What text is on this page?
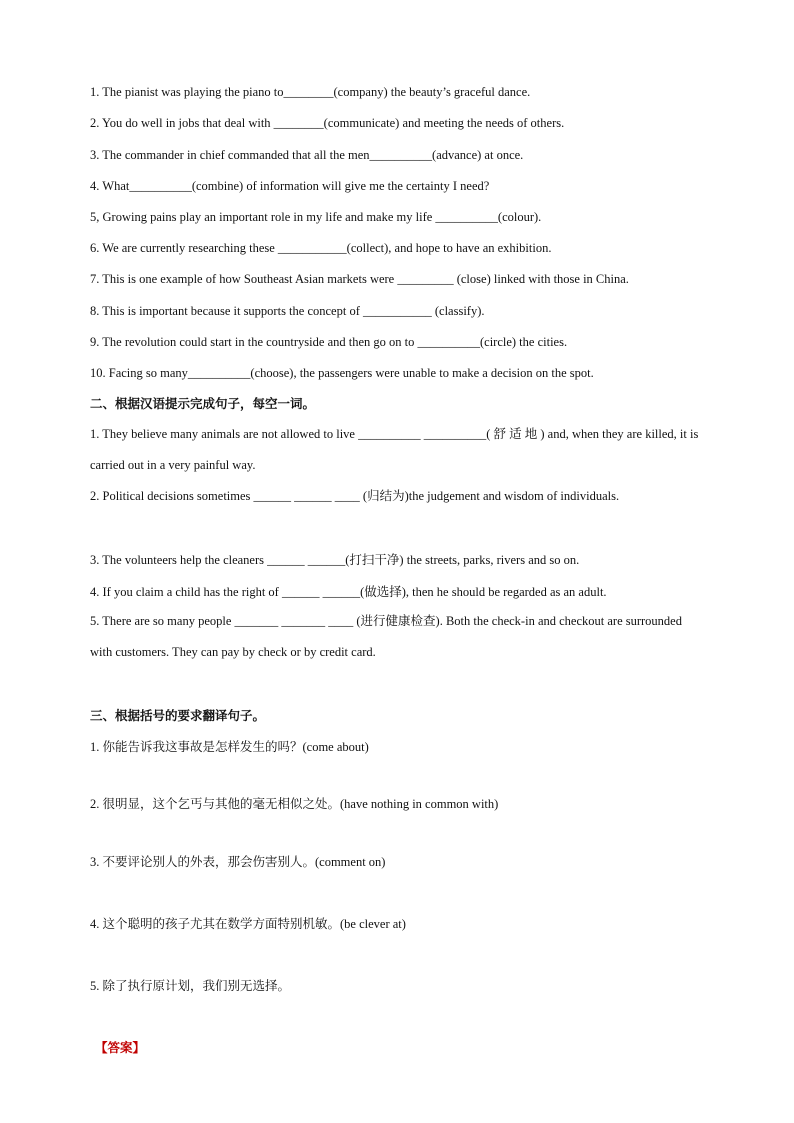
1. The pianist was playing the piano to________(company) the beauty’s graceful dance.
2. You do well in jobs that deal with ________(communicate) and meeting the needs of others.
3. The commander in chief commanded that all the men__________(advance) at once.
4. What__________(combine) of information will give me the certainty I need?
5, Growing pains play an important role in my life and make my life __________(colour).
6. We are currently researching these ___________(collect), and hope to have an exhibition.
7. This is one example of how Southeast Asian markets were _________ (close) linked with those in China.
8. This is important because it supports the concept of ___________ (classify).
9. The revolution could start in the countryside and then go on to __________(circle) the cities.
10. Facing so many__________(choose), the passengers were unable to make a decision on the spot.
二、根据汉语提示完成句子，每空一词。
1. They believe many animals are not allowed to live __________ __________( 舒 适 地 ) and, when they are killed, it is carried out in a very painful way.
2. Political decisions sometimes ______ ______ ____ (归结为)the judgement and wisdom of individuals.
3. The volunteers help the cleaners ______ ______(打扫干净) the streets, parks, rivers and so on.
4. If you claim a child has the right of ______ ______(做选择), then he should be regarded as an adult.
5. There are so many people _______ _______ ____ (进行健康检查). Both the check-in and checkout are surrounded with customers. They can pay by check or by credit card.
三、根据括号的要求翻译句子。
1. 你能告诉我这事故是怎样发生的吗？(come about)
2. 很明显，这个乞丐与其他的毫无相似之处。(have nothing in common with)
3. 不要评论别人的外表，那会伤害别人。(comment on)
4. 这个聪明的孩子尤其在数学方面特别机敏。(be clever at)
5. 除了执行原计划，我们别无选择。
【答案】
